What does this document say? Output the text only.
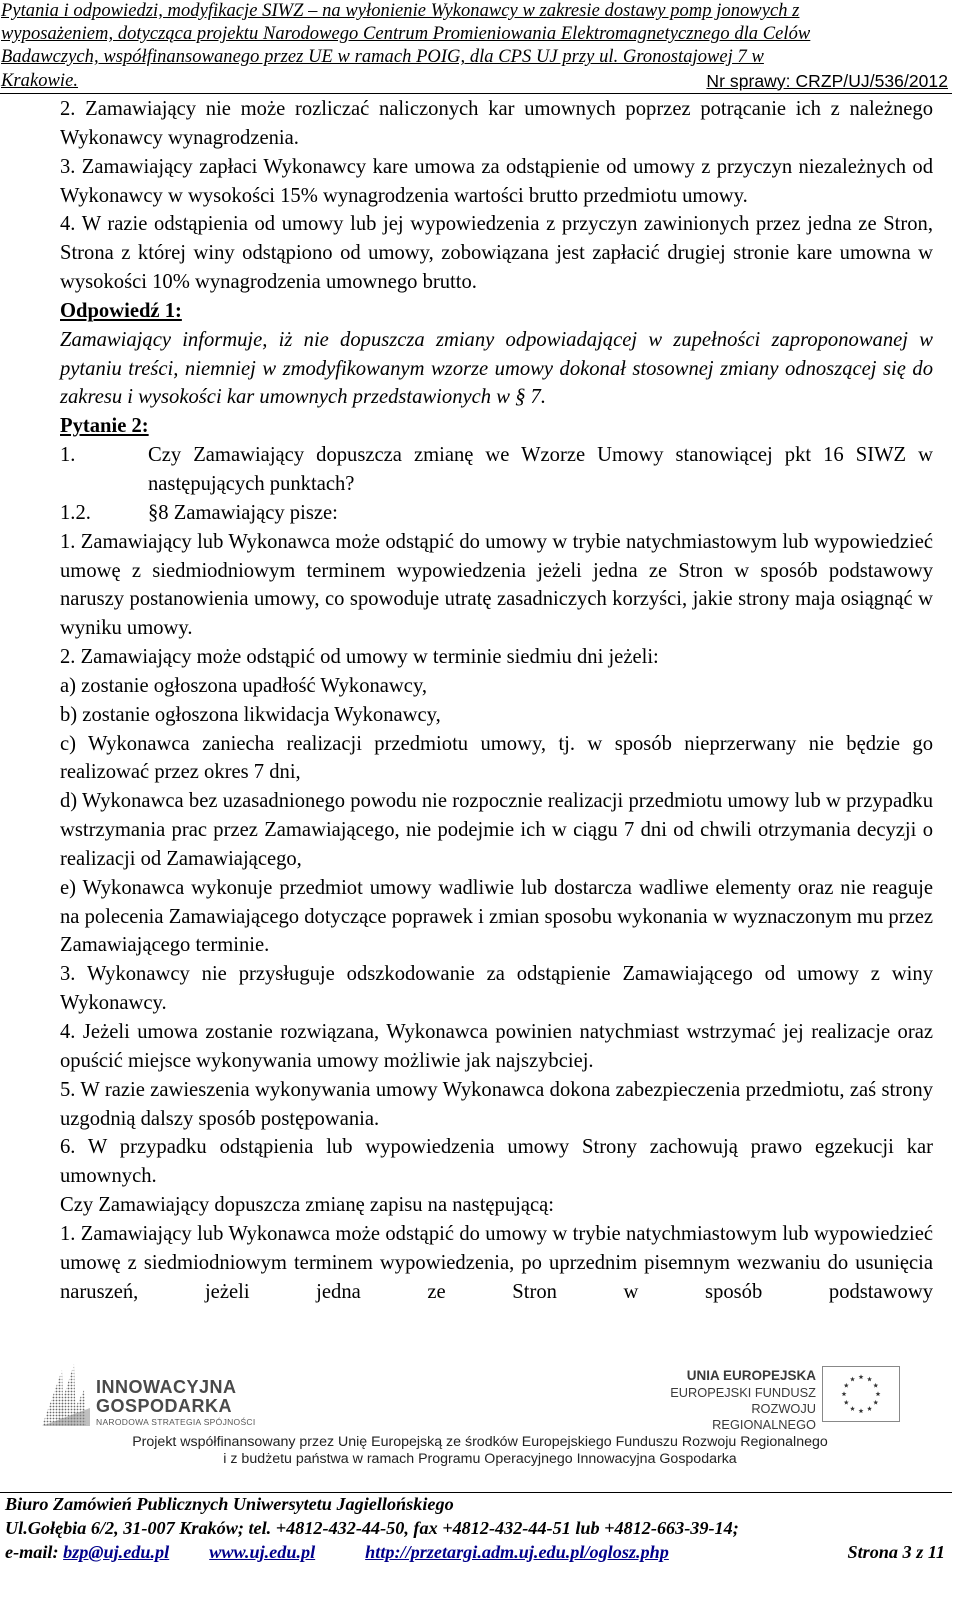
Pytania i odpowiedzi, modyfikacje SIWZ – na wyłonienie Wykonawcy w zakresie dostawy pomp jonowych z
wyposażeniem, dotycząca projektu Narodowego Centrum Promieniowania Elektromagnetycznego dla Celów
Badawczych, współfinansowanego przez UE w ramach POIG, dla CPS UJ przy ul. Gronostajowej 7 w
Krakowie.	Nr sprawy: CRZP/UJ/536/2012

2. Zamawiający nie może rozliczać naliczonych kar umownych poprzez potrącanie ich z należnego Wykonawcy wynagrodzenia.

3. Zamawiający zapłaci Wykonawcy kare umowa za odstąpienie od umowy z przyczyn niezależnych od Wykonawcy w wysokości 15% wynagrodzenia wartości brutto przedmiotu umowy.

4. W razie odstąpienia od umowy lub jej wypowiedzenia z przyczyn zawinionych przez jedna ze Stron, Strona z której winy odstąpiono od umowy, zobowiązana jest zapłacić drugiej stronie kare umowna w wysokości 10% wynagrodzenia umownego brutto.

Odpowiedź 1:

Zamawiający informuje, iż nie dopuszcza zmiany odpowiadającej w zupełności zaproponowanej w pytaniu treści, niemniej w zmodyfikowanym wzorze umowy dokonał stosownej zmiany odnoszącej się do zakresu i wysokości kar umownych przedstawionych w § 7.

Pytanie 2:

1.	Czy Zamawiający dopuszcza zmianę we Wzorze Umowy stanowiącej pkt 16 SIWZ w następujących punktach?
1.2.	§8 Zamawiający pisze:

1. Zamawiający lub Wykonawca może odstąpić do umowy w trybie natychmiastowym lub wypowiedzieć umowę z siedmiodniowym terminem wypowiedzenia jeżeli jedna ze Stron w sposób podstawowy naruszy postanowienia umowy, co spowoduje utratę zasadniczych korzyści, jakie strony maja osiągnąć w wyniku umowy.

2. Zamawiający może odstąpić od umowy w terminie siedmiu dni jeżeli:

a) zostanie ogłoszona upadłość Wykonawcy,

b) zostanie ogłoszona likwidacja Wykonawcy,

c) Wykonawca zaniecha realizacji przedmiotu umowy, tj. w sposób nieprzerwany nie będzie go realizować przez okres 7 dni,

d) Wykonawca bez uzasadnionego powodu nie rozpocznie realizacji przedmiotu umowy lub w przypadku wstrzymania prac przez Zamawiającego, nie podejmie ich w ciągu 7 dni od chwili otrzymania decyzji o realizacji od Zamawiającego,

e) Wykonawca wykonuje przedmiot umowy wadliwie lub dostarcza wadliwe elementy oraz nie reaguje na polecenia Zamawiającego dotyczące poprawek i zmian sposobu wykonania w wyznaczonym mu przez Zamawiającego terminie.

3. Wykonawcy nie przysługuje odszkodowanie za odstąpienie Zamawiającego od umowy z winy Wykonawcy.

4. Jeżeli umowa zostanie rozwiązana, Wykonawca powinien natychmiast wstrzymać jej realizacje oraz opuścić miejsce wykonywania umowy możliwie jak najszybciej.

5. W razie zawieszenia wykonywania umowy Wykonawca dokona zabezpieczenia przedmiotu, zaś strony uzgodnią dalszy sposób postępowania.

6. W przypadku odstąpienia lub wypowiedzenia umowy Strony zachowują prawo egzekucji kar umownych.

Czy Zamawiający dopuszcza zmianę zapisu na następującą:

1. Zamawiający lub Wykonawca może odstąpić do umowy w trybie natychmiastowym lub wypowiedzieć umowę z siedmiodniowym terminem wypowiedzenia, po uprzednim pisemnym wezwaniu do usunięcia naruszeń, jeżeli jedna ze Stron w sposób podstawowy

INNOWACYJNA
GOSPODARKA
NARODOWA STRATEGIA SPÓJNOŚCI
UNIA EUROPEJSKA
EUROPEJSKI FUNDUSZ
ROZWOJU REGIONALNEGO
Projekt współfinansowany przez Unię Europejską ze środków Europejskiego Funduszu Rozwoju Regionalnego
i z budżetu państwa w ramach Programu Operacyjnego Innowacyjna Gospodarka
Biuro Zamówień Publicznych Uniwersytetu Jagiellońskiego
Ul.Gołębia 6/2, 31-007 Kraków; tel. +4812-432-44-50, fax +4812-432-44-51 lub +4812-663-39-14;
e-mail:
bzp@uj.edu.pl www.uj.edu.pl	http://przetargi.adm.uj.edu.pl/oglosz.php	Strona 3 z 11
